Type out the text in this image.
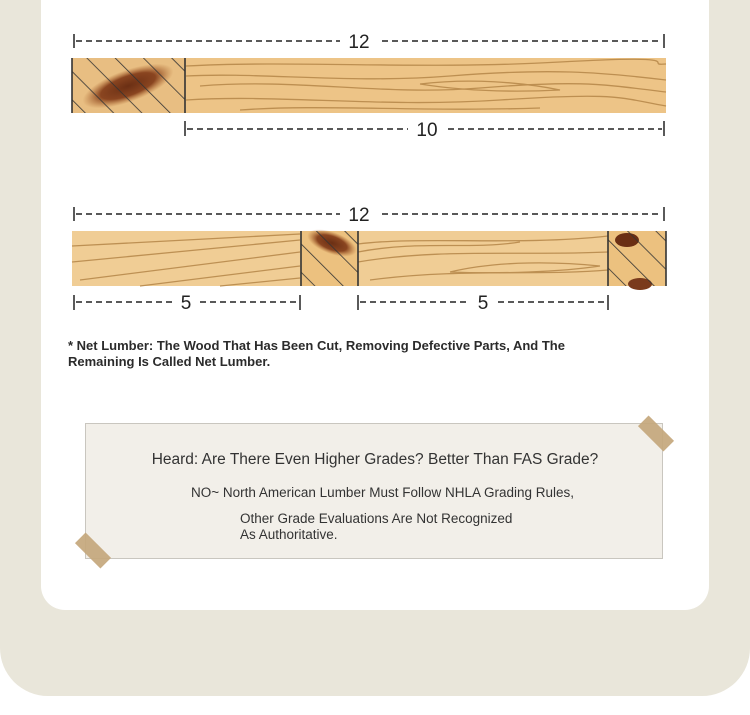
12
10
12
5	5
* Net Lumber: The Wood That Has Been Cut, Removing Defective Parts, And The
Remaining Is Called Net Lumber.
Heard: Are There Even Higher Grades? Better Than FAS Grade?
NO~ North American Lumber Must Follow NHLA Grading Rules,
Other Grade Evaluations Are Not Recognized
As Authoritative.
